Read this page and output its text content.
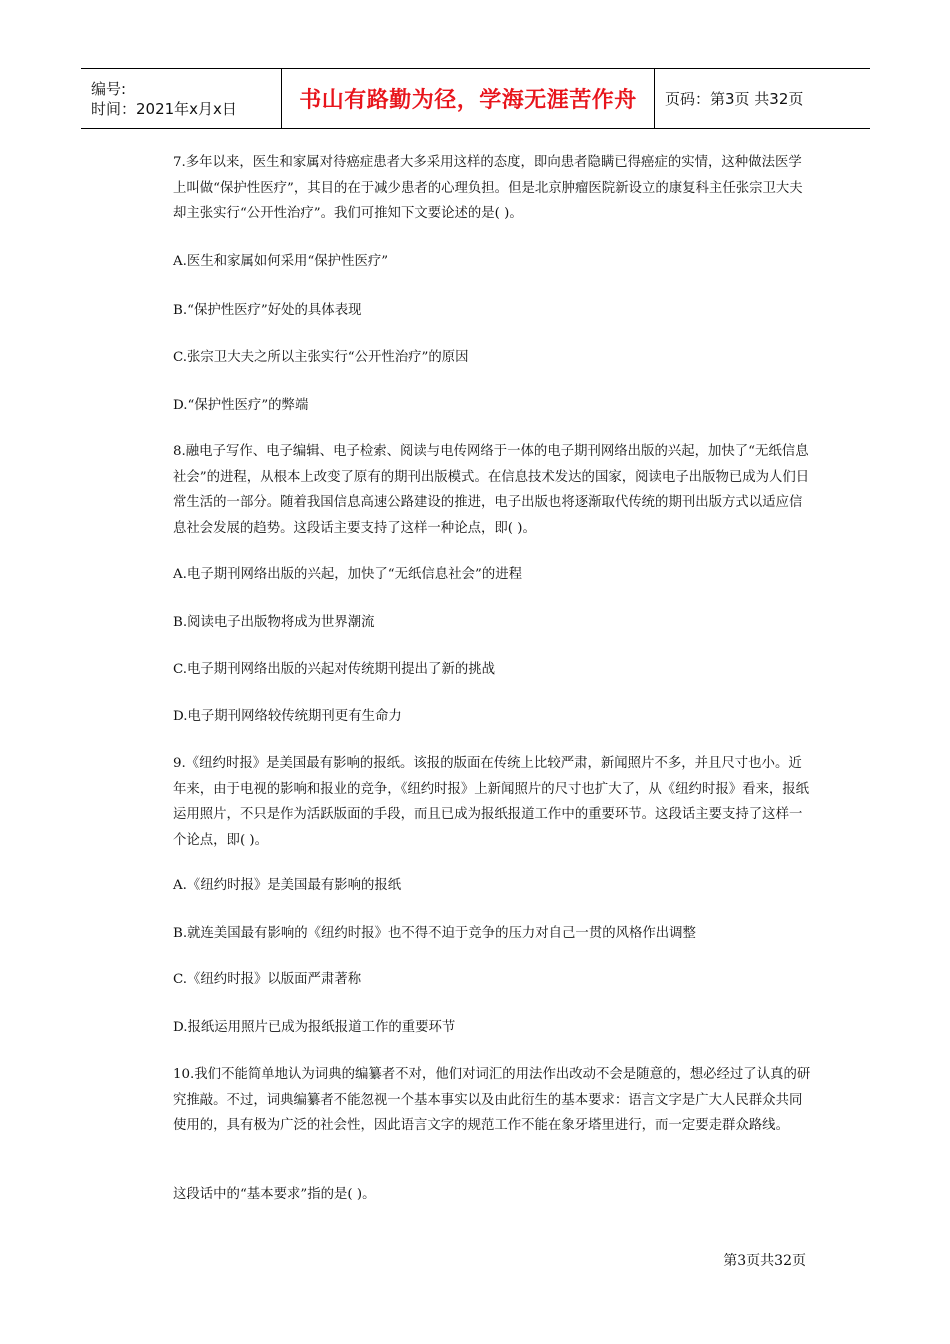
编号:
时间：2021年x月x日	书山有路勤为径，学海无涯苦作舟	页码：第3页 共32页

7.多年以来，医生和家属对待癌症患者大多采用这样的态度，即向患者隐瞒已得癌症的实情，这种做法医学上叫做“保护性医疗”，其目的在于减少患者的心理负担。但是北京肿瘤医院新设立的康复科主任张宗卫大夫却主张实行“公开性治疗”。我们可推知下文要论述的是( )。

A.医生和家属如何采用“保护性医疗”

B.“保护性医疗”好处的具体表现

C.张宗卫大夫之所以主张实行“公开性治疗”的原因

D.“保护性医疗”的弊端

8.融电子写作、电子编辑、电子检索、阅读与电传网络于一体的电子期刊网络出版的兴起，加快了“无纸信息社会”的进程，从根本上改变了原有的期刊出版模式。在信息技术发达的国家，阅读电子出版物已成为人们日常生活的一部分。随着我国信息高速公路建设的推进，电子出版也将逐渐取代传统的期刊出版方式以适应信息社会发展的趋势。这段话主要支持了这样一种论点，即( )。

A.电子期刊网络出版的兴起，加快了“无纸信息社会”的进程

B.阅读电子出版物将成为世界潮流

C.电子期刊网络出版的兴起对传统期刊提出了新的挑战

D.电子期刊网络较传统期刊更有生命力

9.《纽约时报》是美国最有影响的报纸。该报的版面在传统上比较严肃，新闻照片不多，并且尺寸也小。近年来，由于电视的影响和报业的竞争，《纽约时报》上新闻照片的尺寸也扩大了，从《纽约时报》看来，报纸运用照片，不只是作为活跃版面的手段，而且已成为报纸报道工作中的重要环节。这段话主要支持了这样一个论点，即( )。

A.《纽约时报》是美国最有影响的报纸

B.就连美国最有影响的《纽约时报》也不得不迫于竞争的压力对自己一贯的风格作出调整

C.《纽约时报》以版面严肃著称

D.报纸运用照片已成为报纸报道工作的重要环节

10.我们不能简单地认为词典的编纂者不对，他们对词汇的用法作出改动不会是随意的，想必经过了认真的研究推敲。不过，词典编纂者不能忽视一个基本事实以及由此衍生的基本要求：语言文字是广大人民群众共同使用的，具有极为广泛的社会性，因此语言文字的规范工作不能在象牙塔里进行，而一定要走群众路线。

这段话中的“基本要求”指的是( )。

第3页共32页
